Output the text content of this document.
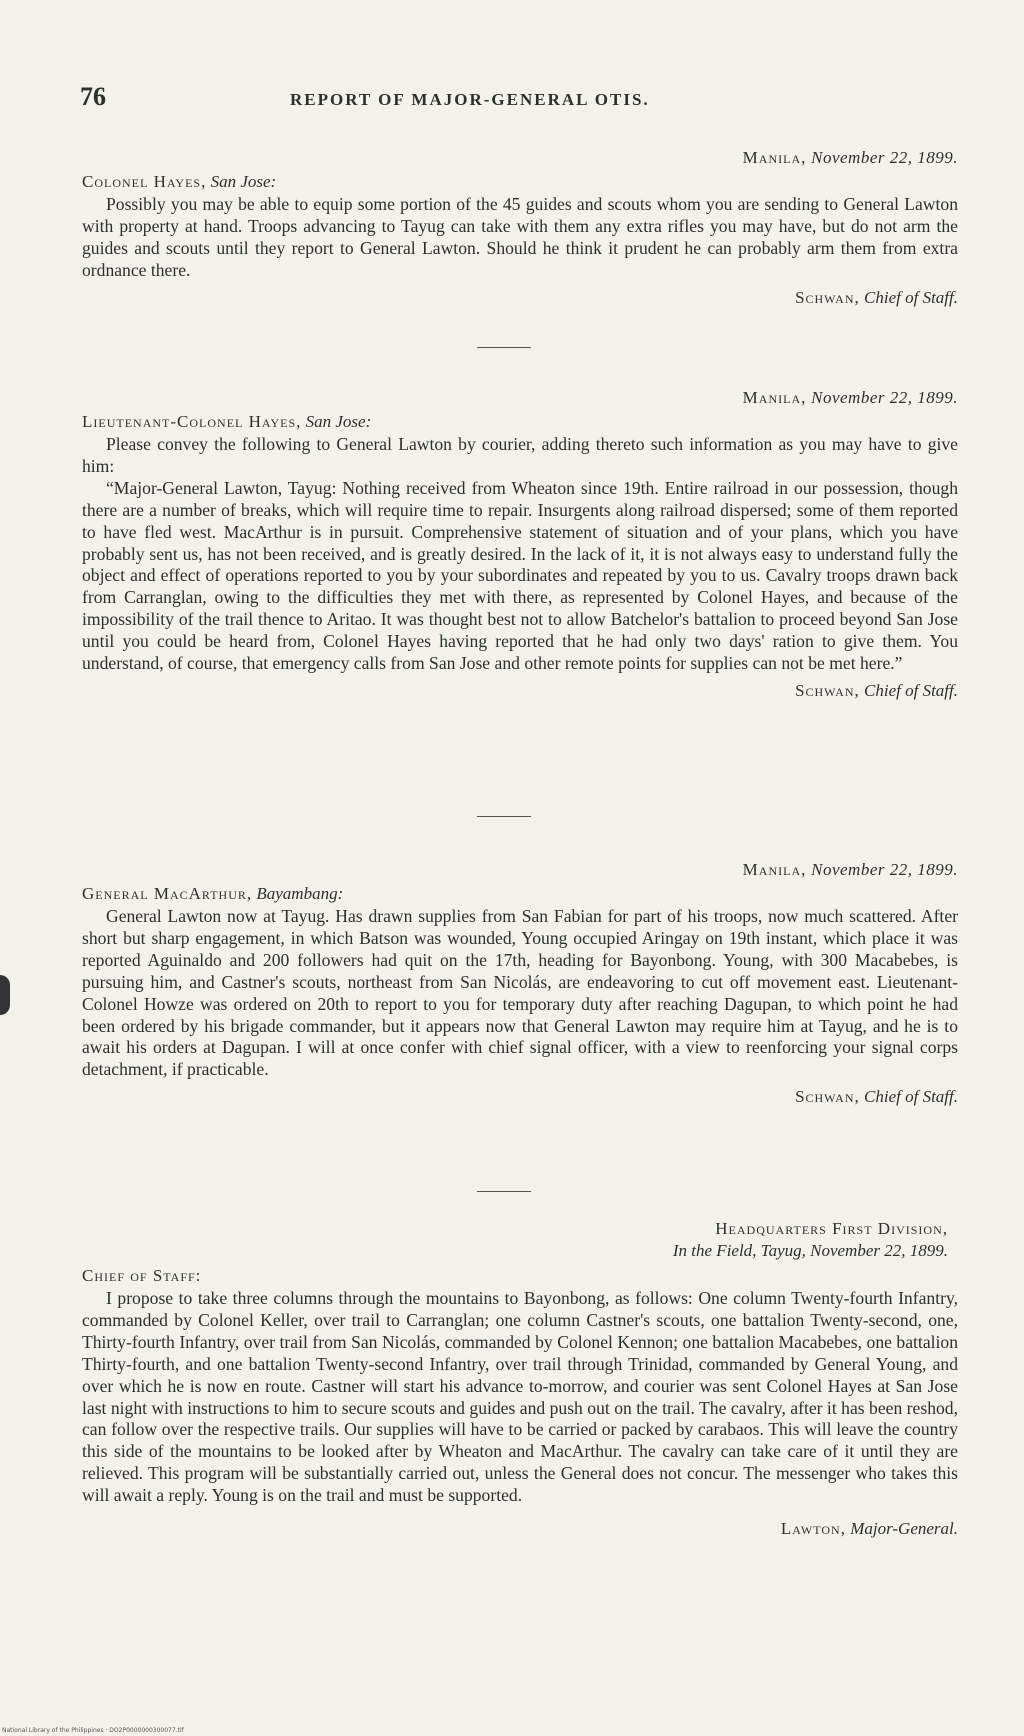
76	REPORT OF MAJOR-GENERAL OTIS.
Manila, November 22, 1899.
Colonel Hayes, San Jose:

Possibly you may be able to equip some portion of the 45 guides and scouts whom you are sending to General Lawton with property at hand. Troops advancing to Tayug can take with them any extra rifles you may have, but do not arm the guides and scouts until they report to General Lawton. Should he think it prudent he can probably arm them from extra ordnance there.

Schwan, Chief of Staff.
Manila, November 22, 1899.
Lieutenant-Colonel Hayes, San Jose:

Please convey the following to General Lawton by courier, adding thereto such information as you may have to give him:

“Major-General Lawton, Tayug: Nothing received from Wheaton since 19th. Entire railroad in our possession, though there are a number of breaks, which will require time to repair. Insurgents along railroad dispersed; some of them reported to have fled west. MacArthur is in pursuit. Comprehensive statement of situation and of your plans, which you have probably sent us, has not been received, and is greatly desired. In the lack of it, it is not always easy to understand fully the object and effect of operations reported to you by your subordinates and repeated by you to us. Cavalry troops drawn back from Carranglan, owing to the difficulties they met with there, as represented by Colonel Hayes, and because of the impossibility of the trail thence to Aritao. It was thought best not to allow Batchelor's battalion to proceed beyond San Jose until you could be heard from, Colonel Hayes having reported that he had only two days' ration to give them. You understand, of course, that emergency calls from San Jose and other remote points for supplies can not be met here.”

Schwan, Chief of Staff.
Manila, November 22, 1899.
General MacArthur, Bayambang:

General Lawton now at Tayug. Has drawn supplies from San Fabian for part of his troops, now much scattered. After short but sharp engagement, in which Batson was wounded, Young occupied Aringay on 19th instant, which place it was reported Aguinaldo and 200 followers had quit on the 17th, heading for Bayonbong. Young, with 300 Macabebes, is pursuing him, and Castner's scouts, northeast from San Nicolás, are endeavoring to cut off movement east. Lieutenant-Colonel Howze was ordered on 20th to report to you for temporary duty after reaching Dagupan, to which point he had been ordered by his brigade commander, but it appears now that General Lawton may require him at Tayug, and he is to await his orders at Dagupan. I will at once confer with chief signal officer, with a view to reenforcing your signal corps detachment, if practicable.

Schwan, Chief of Staff.
Headquarters First Division,
In the Field, Tayug, November 22, 1899.
Chief of Staff:

I propose to take three columns through the mountains to Bayonbong, as follows: One column Twenty-fourth Infantry, commanded by Colonel Keller, over trail to Carranglan; one column Castner's scouts, one battalion Twenty-second, one, Thirty-fourth Infantry, over trail from San Nicolás, commanded by Colonel Kennon; one battalion Macabebes, one battalion Thirty-fourth, and one battalion Twenty-second Infantry, over trail through Trinidad, commanded by General Young, and over which he is now en route. Castner will start his advance to-morrow, and courier was sent Colonel Hayes at San Jose last night with instructions to him to secure scouts and guides and push out on the trail. The cavalry, after it has been reshod, can follow over the respective trails. Our supplies will have to be carried or packed by carabaos. This will leave the country this side of the mountains to be looked after by Wheaton and MacArthur. The cavalry can take care of it until they are relieved. This program will be substantially carried out, unless the General does not concur. The messenger who takes this will await a reply. Young is on the trail and must be supported.

Lawton, Major-General.
National Library of the Philippines · DO2P0000000300077.tif
